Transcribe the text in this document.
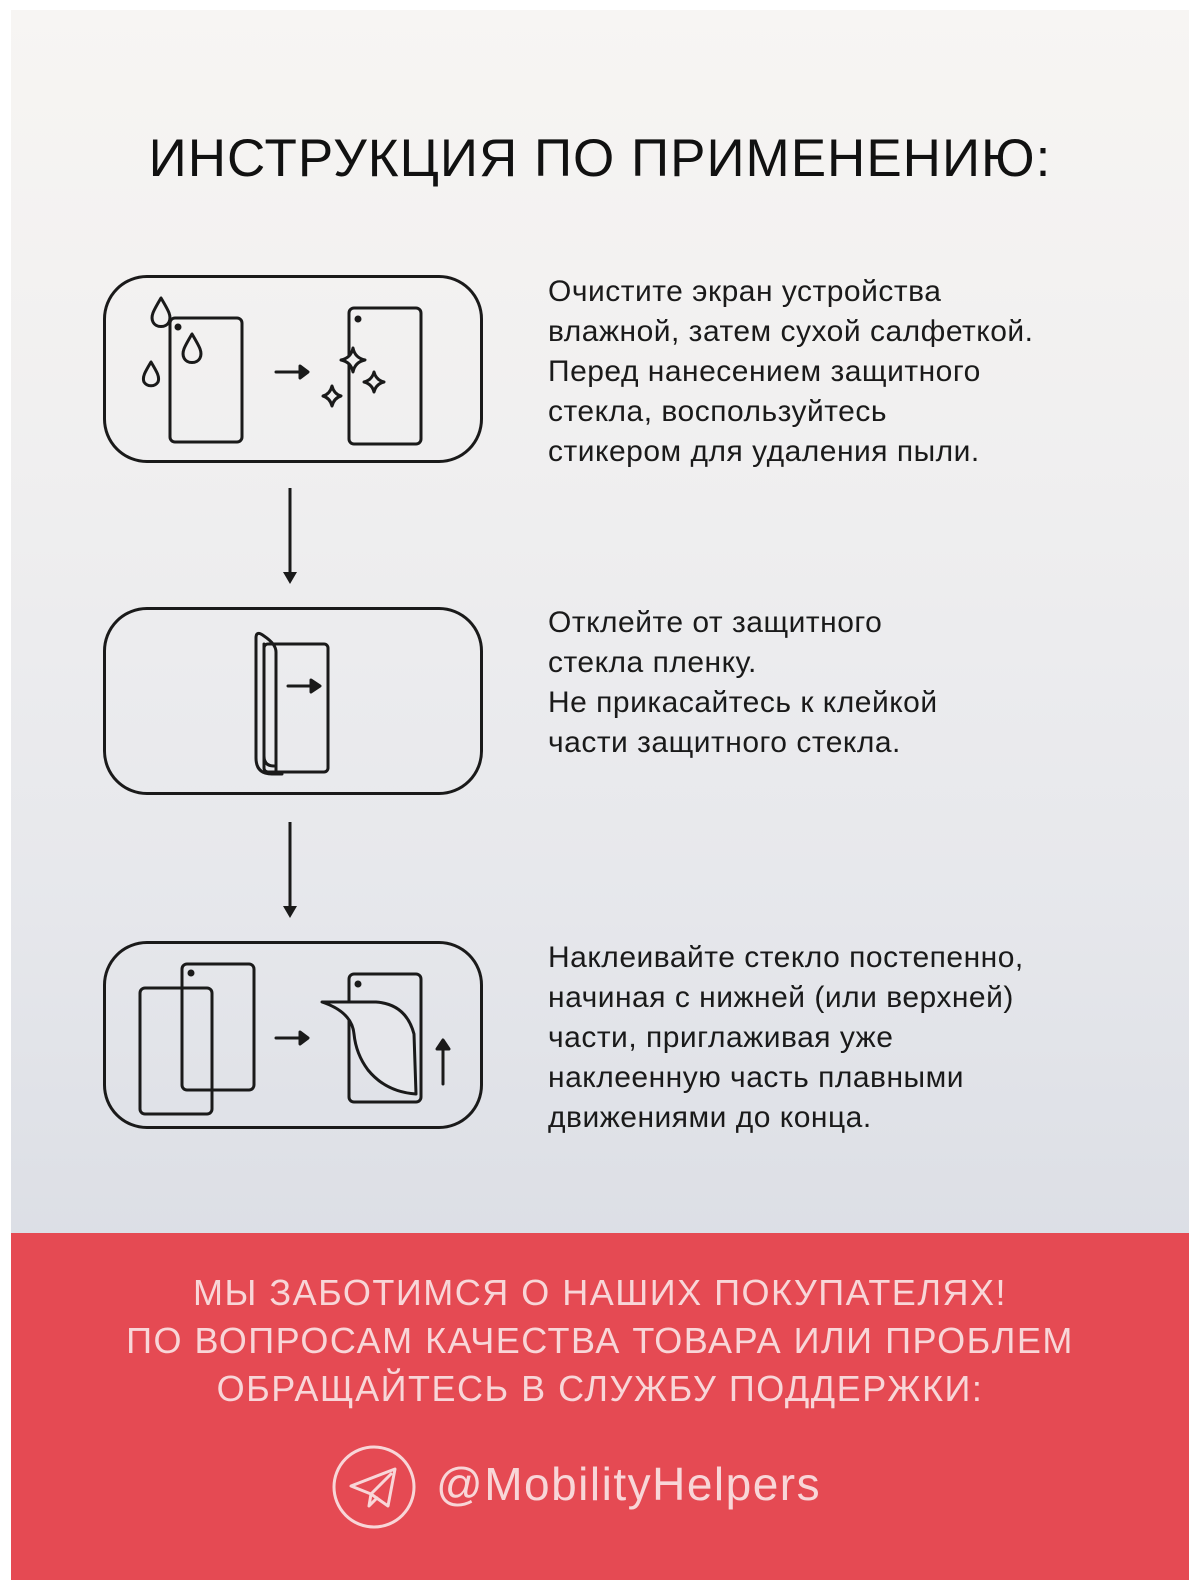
ИНСТРУКЦИЯ ПО ПРИМЕНЕНИЮ:
Очистите экран устройства
влажной, затем сухой салфеткой.
Перед нанесением защитного
стекла, воспользуйтесь
стикером для удаления пыли.
Отклейте от защитного
стекла пленку.
Не прикасайтесь к клейкой
части защитного стекла.
Наклеивайте стекло постепенно,
начиная с нижней (или верхней)
части, приглаживая уже
наклеенную часть плавными
движениями до конца.
МЫ ЗАБОТИМСЯ О НАШИХ ПОКУПАТЕЛЯХ!
ПО ВОПРОСАМ КАЧЕСТВА ТОВАРА ИЛИ ПРОБЛЕМ
ОБРАЩАЙТЕСЬ В СЛУЖБУ ПОДДЕРЖКИ:
@MobilityHelpers
